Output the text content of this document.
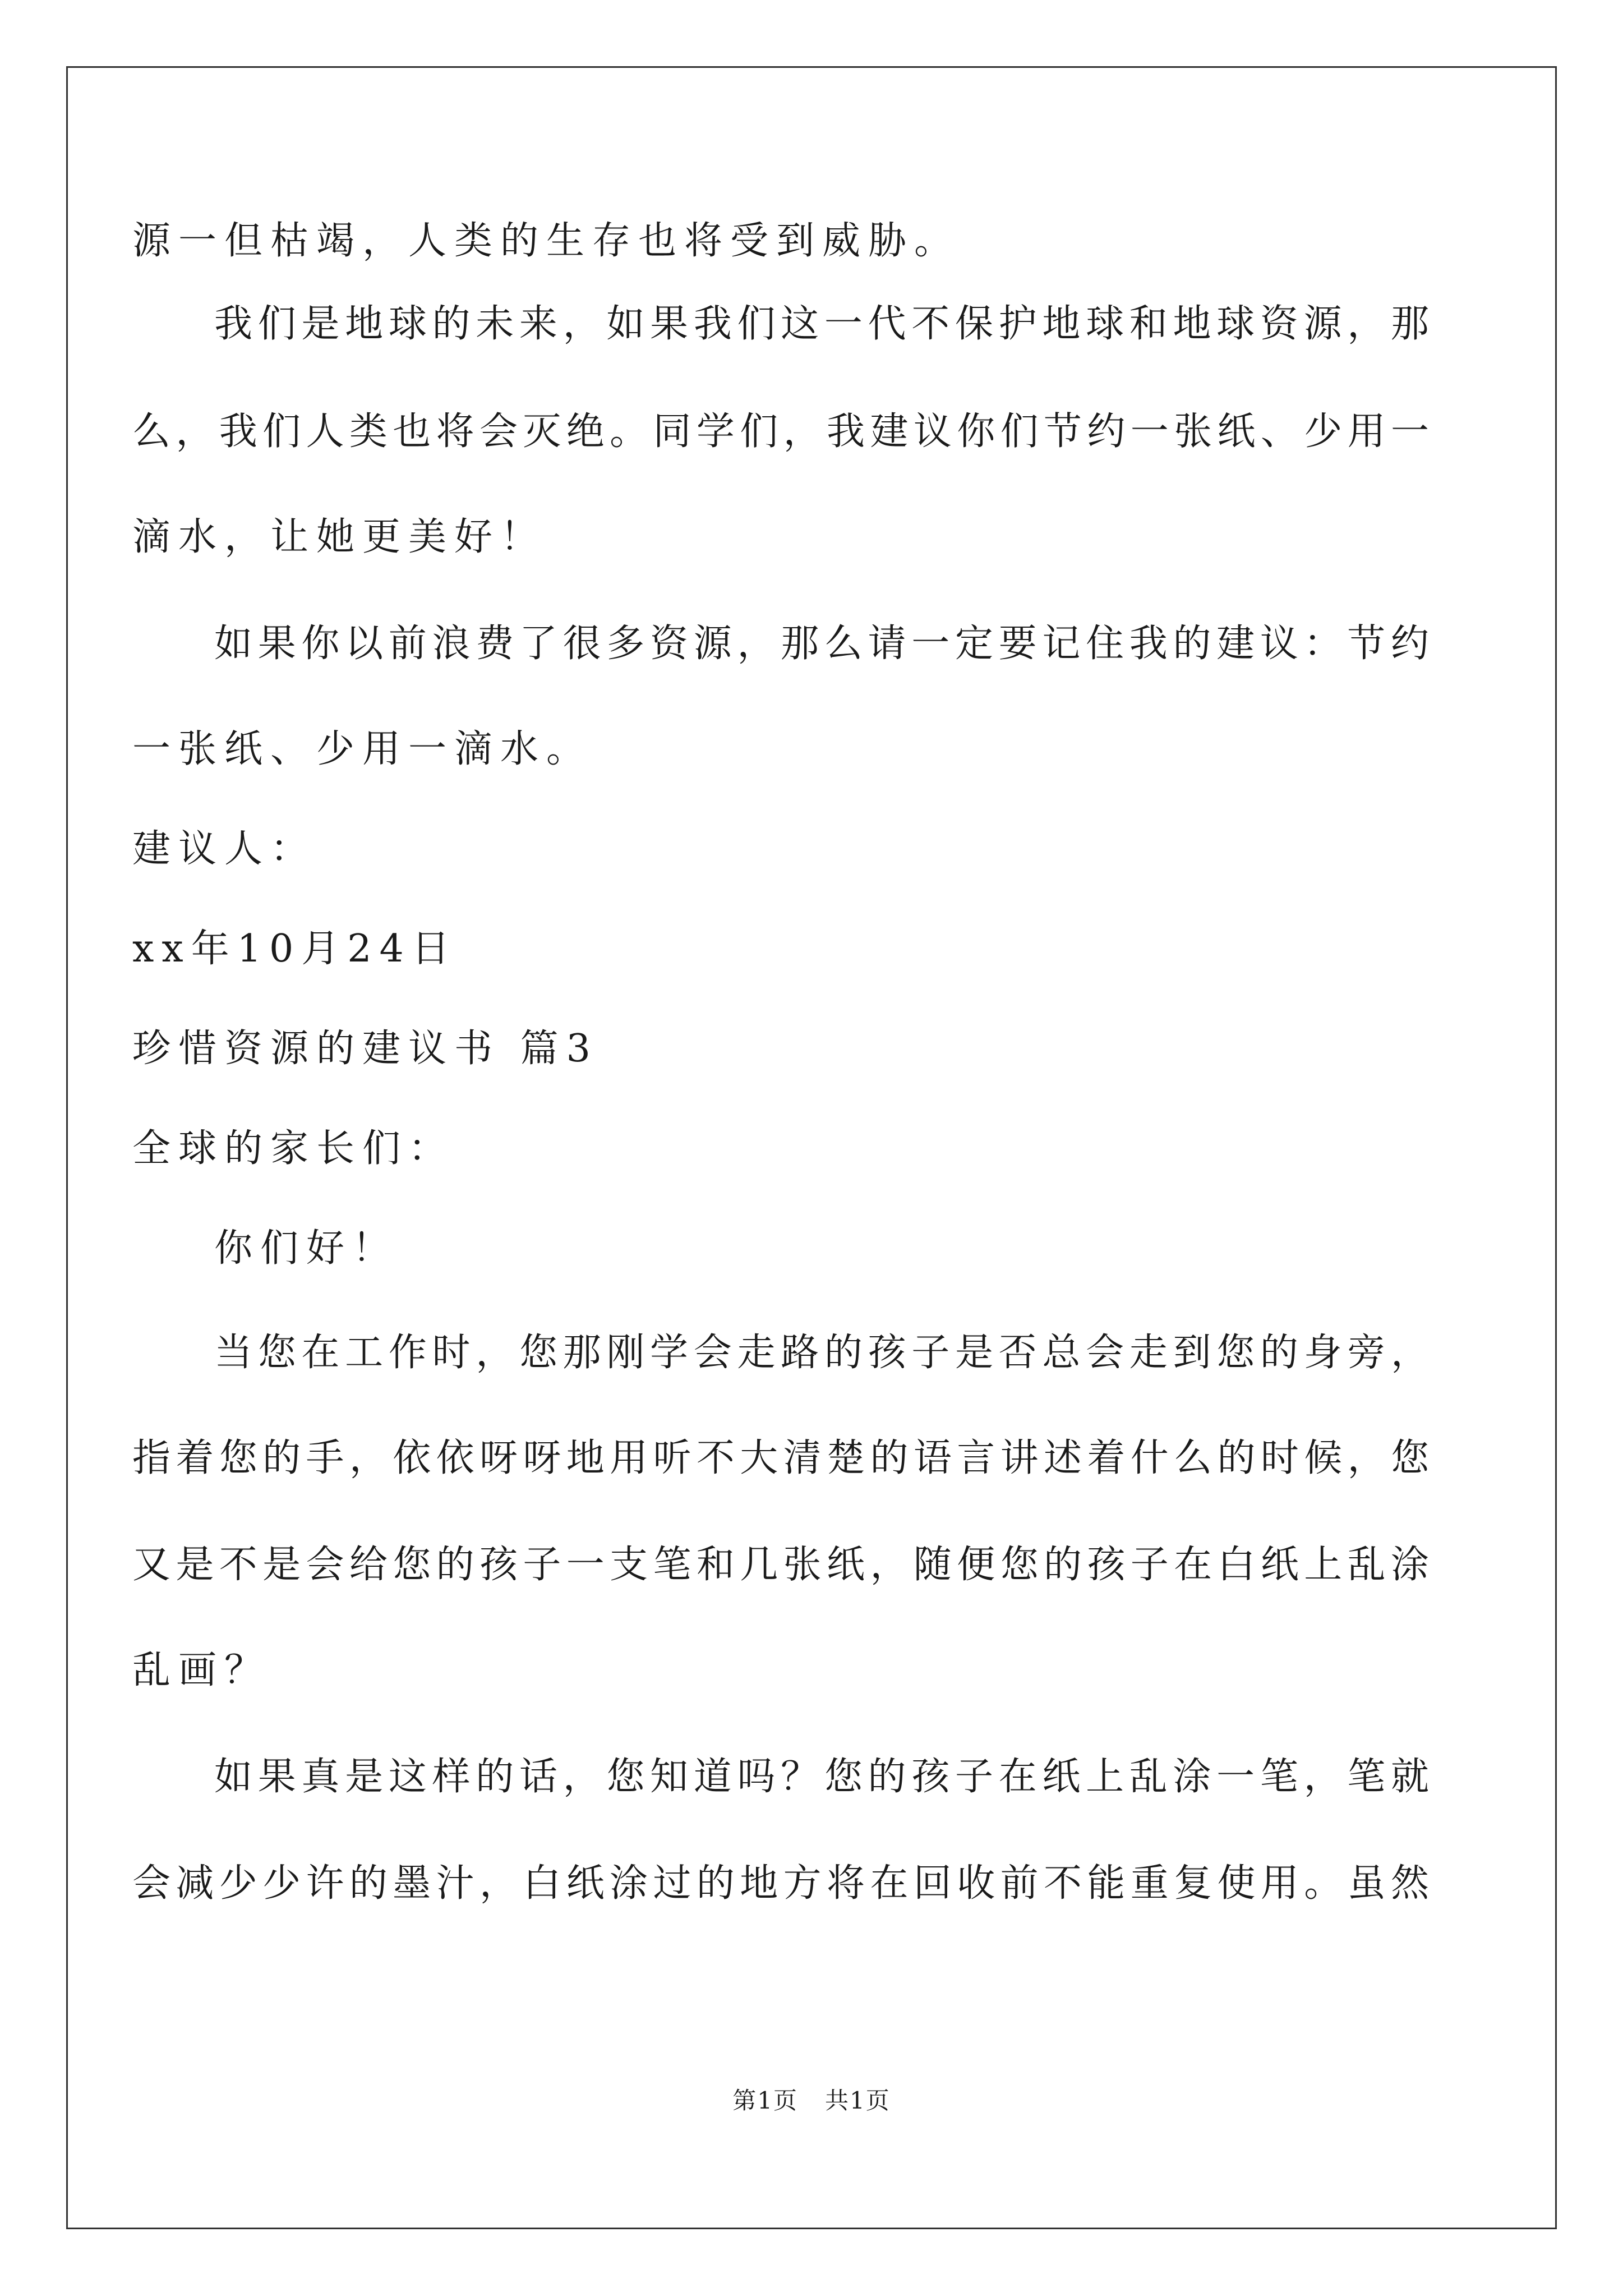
源一但枯竭，人类的生存也将受到威胁。
我们是地球的未来，如果我们这一代不保护地球和地球资源，那
么，我们人类也将会灭绝。同学们，我建议你们节约一张纸、少用一
滴水，让她更美好！
如果你以前浪费了很多资源，那么请一定要记住我的建议：节约
一张纸、少用一滴水。
建议人：
xx年10月24日
珍惜资源的建议书 篇3
全球的家长们：
你们好！
当您在工作时，您那刚学会走路的孩子是否总会走到您的身旁，
指着您的手，依依呀呀地用听不大清楚的语言讲述着什么的时候，您
又是不是会给您的孩子一支笔和几张纸，随便您的孩子在白纸上乱涂
乱画？
如果真是这样的话，您知道吗？您的孩子在纸上乱涂一笔，笔就
会减少少许的墨汁，白纸涂过的地方将在回收前不能重复使用。虽然
第1页 共1页
